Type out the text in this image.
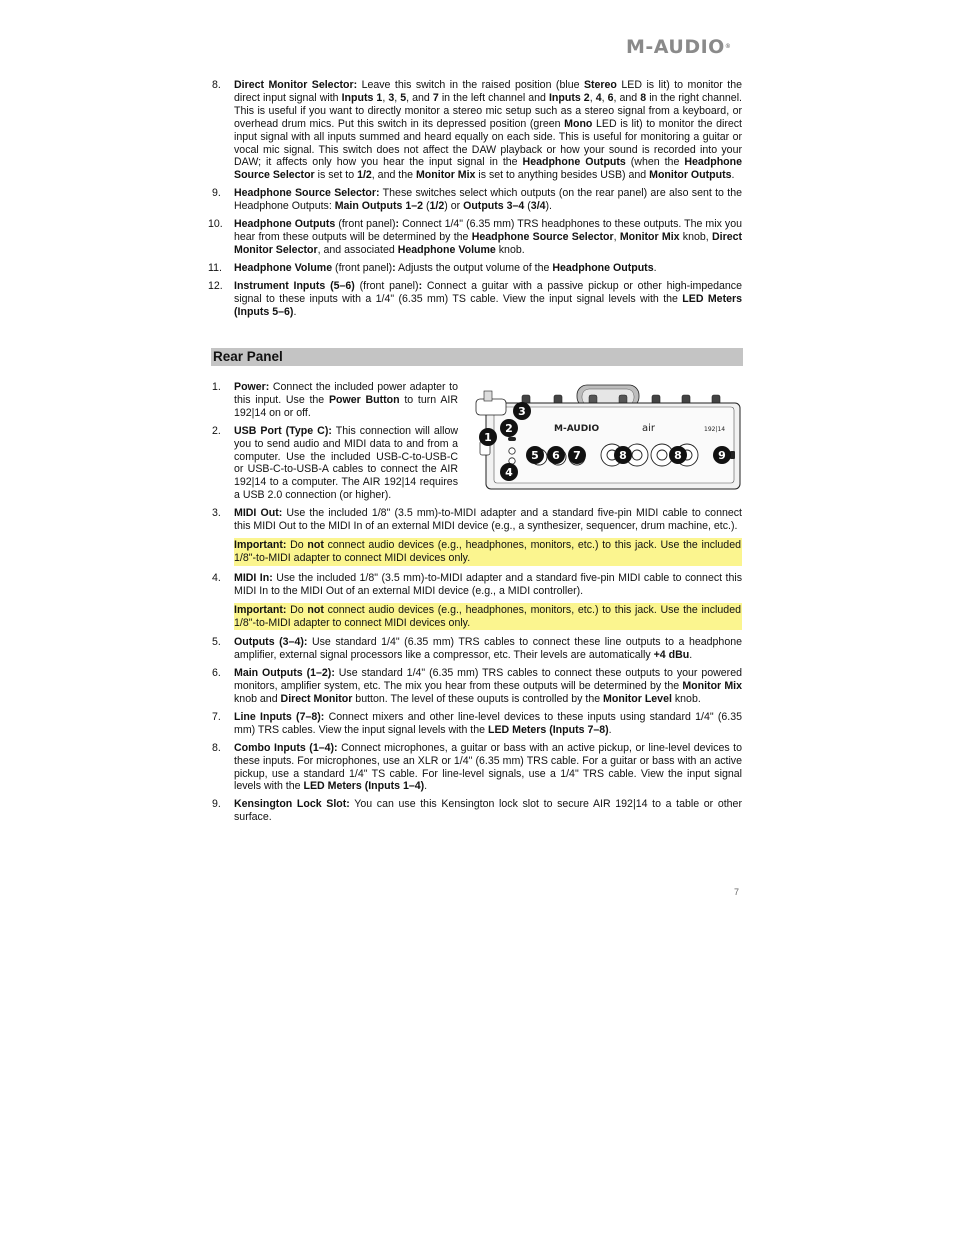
M-AUDIO®
8.	Direct Monitor Selector: Leave this switch in the raised position (blue Stereo LED is lit) to monitor the direct input signal with Inputs 1, 3, 5, and 7 in the left channel and Inputs 2, 4, 6, and 8 in the right channel. This is useful if you want to directly monitor a stereo mic setup such as a stereo signal from a keyboard, or overhead drum mics. Put this switch in its depressed position (green Mono LED is lit) to monitor the direct input signal with all inputs summed and heard equally on each side. This is useful for monitoring a guitar or vocal mic signal. This switch does not affect the DAW playback or how your sound is recorded into your DAW; it affects only how you hear the input signal in the Headphone Outputs (when the Headphone Source Selector is set to 1/2, and the Monitor Mix is set to anything besides USB) and Monitor Outputs.
9.	Headphone Source Selector: These switches select which outputs (on the rear panel) are also sent to the Headphone Outputs: Main Outputs 1–2 (1/2) or Outputs 3–4 (3/4).
10.	Headphone Outputs (front panel): Connect 1/4" (6.35 mm) TRS headphones to these outputs. The mix you hear from these outputs will be determined by the Headphone Source Selector, Monitor Mix knob, Direct Monitor Selector, and associated Headphone Volume knob.
11.	Headphone Volume (front panel): Adjusts the output volume of the Headphone Outputs.
12.	Instrument Inputs (5–6) (front panel): Connect a guitar with a passive pickup or other high-impedance signal to these inputs with a 1/4" (6.35 mm) TS cable. View the input signal levels with the LED Meters (Inputs 5–6).
Rear Panel
1.	Power: Connect the included power adapter to this input. Use the Power Button to turn AIR 192|14 on or off.
2.	USB Port (Type C): This connection will allow you to send audio and MIDI data to and from a computer. Use the included USB-C-to-USB-C or USB-C-to-USB-A cables to connect the AIR 192|14 to a computer. The AIR 192|14 requires a USB 2.0 connection (or higher).
3.	MIDI Out: Use the included 1/8" (3.5 mm)-to-MIDI adapter and a standard five-pin MIDI cable to connect this MIDI Out to the MIDI In of an external MIDI device (e.g., a synthesizer, sequencer, drum machine, etc.).
Important: Do not connect audio devices (e.g., headphones, monitors, etc.) to this jack. Use the included 1/8"-to-MIDI adapter to connect MIDI devices only.
4.	MIDI In: Use the included 1/8" (3.5 mm)-to-MIDI adapter and a standard five-pin MIDI cable to connect this MIDI In to the MIDI Out of an external MIDI device (e.g., a MIDI controller).
Important: Do not connect audio devices (e.g., headphones, monitors, etc.) to this jack. Use the included 1/8"-to-MIDI adapter to connect MIDI devices only.
5.	Outputs (3–4): Use standard 1/4" (6.35 mm) TRS cables to connect these line outputs to a headphone amplifier, external signal processors like a compressor, etc. Their levels are automatically +4 dBu.
6.	Main Outputs (1–2): Use standard 1/4" (6.35 mm) TRS cables to connect these outputs to your powered monitors, amplifier system, etc. The mix you hear from these outputs will be determined by the Monitor Mix knob and Direct Monitor button. The level of these ouputs is controlled by the Monitor Level knob.
7.	Line Inputs (7–8): Connect mixers and other line-level devices to these inputs using standard 1/4" (6.35 mm) TRS cables. View the input signal levels with the LED Meters (Inputs 7–8).
8.	Combo Inputs (1–4): Connect microphones, a guitar or bass with an active pickup, or line-level devices to these inputs. For microphones, use an XLR or 1/4" (6.35 mm) TRS cable. For a guitar or bass with an active pickup, use a standard 1/4" TS cable. For line-level signals, use a 1/4" TRS cable. View the input signal levels with the LED Meters (Inputs 1–4).
9.	Kensington Lock Slot: You can use this Kensington lock slot to secure AIR 192|14 to a table or other surface.
M-AUDIO	air	192|14
1
2
3
4
5 6 7	8	8	9
7
